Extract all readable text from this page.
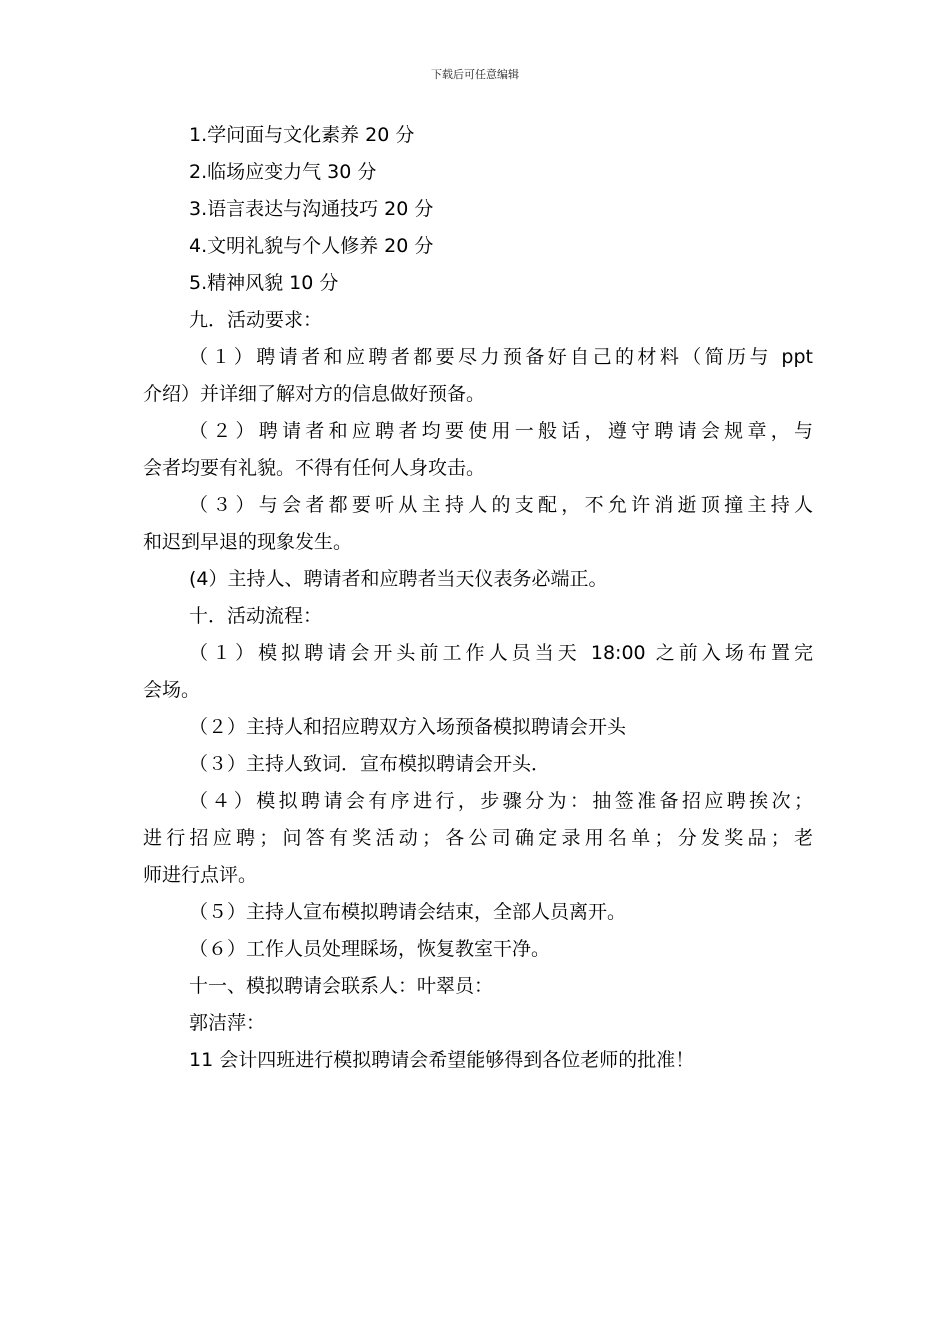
下载后可任意编辑
1.学问面与文化素养 20 分
2.临场应变力气 30 分
3.语言表达与沟通技巧 20 分
4.文明礼貌与个人修养 20 分
5.精神风貌 10 分
九．活动要求：
（１）聘请者和应聘者都要尽力预备好自己的材料（简历与 ppt
介绍）并详细了解对方的信息做好预备。
（２）聘请者和应聘者均要使用一般话，遵守聘请会规章，与
会者均要有礼貌。不得有任何人身攻击。
（３）与会者都要听从主持人的支配，不允许消逝顶撞主持人
和迟到早退的现象发生。
(4）主持人、聘请者和应聘者当天仪表务必端正。
十．活动流程：
（１）模拟聘请会开头前工作人员当天 18:00 之前入场布置完
会场。
（２）主持人和招应聘双方入场预备模拟聘请会开头
（３）主持人致词．宣布模拟聘请会开头．
（４）模拟聘请会有序进行，步骤分为：抽签准备招应聘挨次；
进行招应聘；问答有奖活动；各公司确定录用名单；分发奖品；老
师进行点评。
（５）主持人宣布模拟聘请会结束，全部人员离开。
（６）工作人员处理睬场，恢复教室干净。
十一、模拟聘请会联系人：叶翠员：
郭洁萍：
11 会计四班进行模拟聘请会希望能够得到各位老师的批准！
